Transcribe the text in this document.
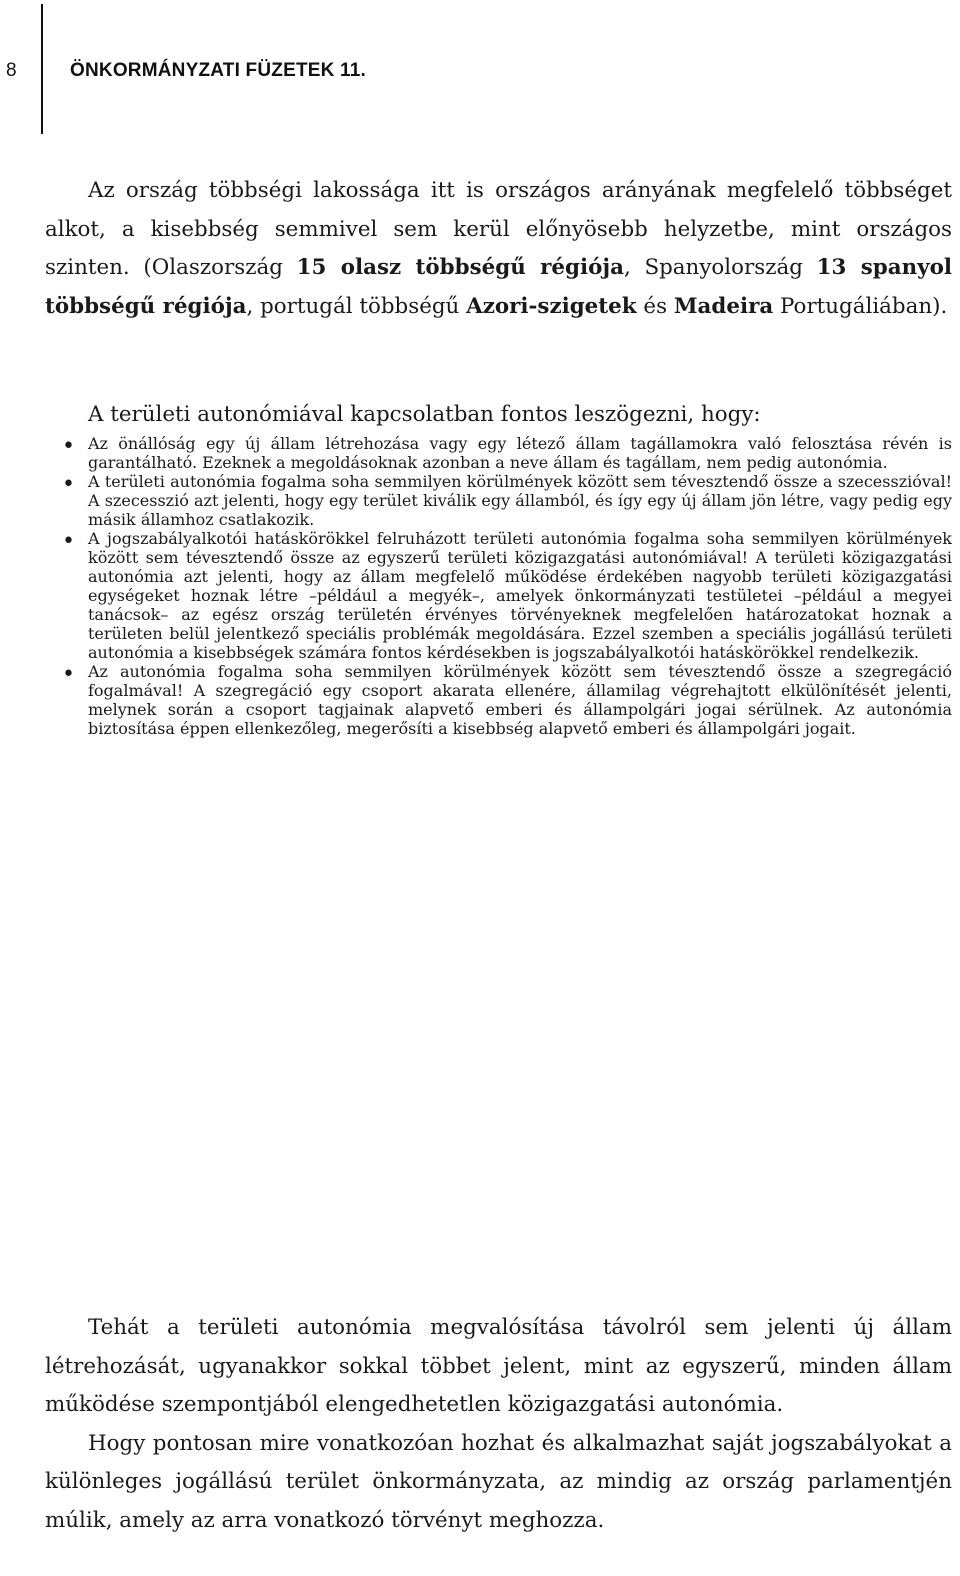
8	ÖNKORMÁNYZATI FÜZETEK 11.

Az ország többségi lakossága itt is országos arányának megfelelő többséget alkot, a kisebbség semmivel sem kerül előnyösebb helyzetbe, mint országos szinten. (Olaszország 15 olasz többségű régiója, Spanyolország 13 spanyol többségű régiója, portugál többségű Azori-szigetek és Madeira Portugáliában).

A területi autonómiával kapcsolatban fontos leszögezni, hogy:

• Az önállóság egy új állam létrehozása vagy egy létező állam tagállamokra való felosztása révén is garantálható. Ezeknek a megoldásoknak azonban a neve állam és tagállam, nem pedig autonómia.

• A területi autonómia fogalma soha semmilyen körülmények között sem tévesztendő össze a szecesszióval! A szecesszió azt jelenti, hogy egy terület kiválik egy államból, és így egy új állam jön létre, vagy pedig egy másik államhoz csatlakozik.

• A jogszabályalkotói hatáskörökkel felruházott területi autonómia fogalma soha semmilyen körülmények között sem tévesztendő össze az egyszerű területi közigazgatási autonómiával! A területi közigazgatási autonómia azt jelenti, hogy az állam megfelelő működése érdekében nagyobb területi közigazgatási egységeket hoznak létre –például a megyék–, amelyek önkormányzati testületei –például a megyei tanácsok– az egész ország területén érvényes törvényeknek megfelelően határozatokat hoznak a területen belül jelentkező speciális problémák megoldására. Ezzel szemben a speciális jogállású területi autonómia a kisebbségek számára fontos kérdésekben is jogszabályalkotói hatáskörökkel rendelkezik.

• Az autonómia fogalma soha semmilyen körülmények között sem tévesztendő össze a szegregáció fogalmával! A szegregáció egy csoport akarata ellenére, államilag végrehajtott elkülönítését jelenti, melynek során a csoport tagjainak alapvető emberi és állampolgári jogai sérülnek. Az autonómia biztosítása éppen ellenkezőleg, megerősíti a kisebbség alapvető emberi és állampolgári jogait.

Tehát a területi autonómia megvalósítása távolról sem jelenti új állam létrehozását, ugyanakkor sokkal többet jelent, mint az egyszerű, minden állam működése szempontjából elengedhetetlen közigazgatási autonómia.

Hogy pontosan mire vonatkozóan hozhat és alkalmazhat saját jogszabályokat a különleges jogállású terület önkormányzata, az mindig az ország parlamentjén múlik, amely az arra vonatkozó törvényt meghozza.
